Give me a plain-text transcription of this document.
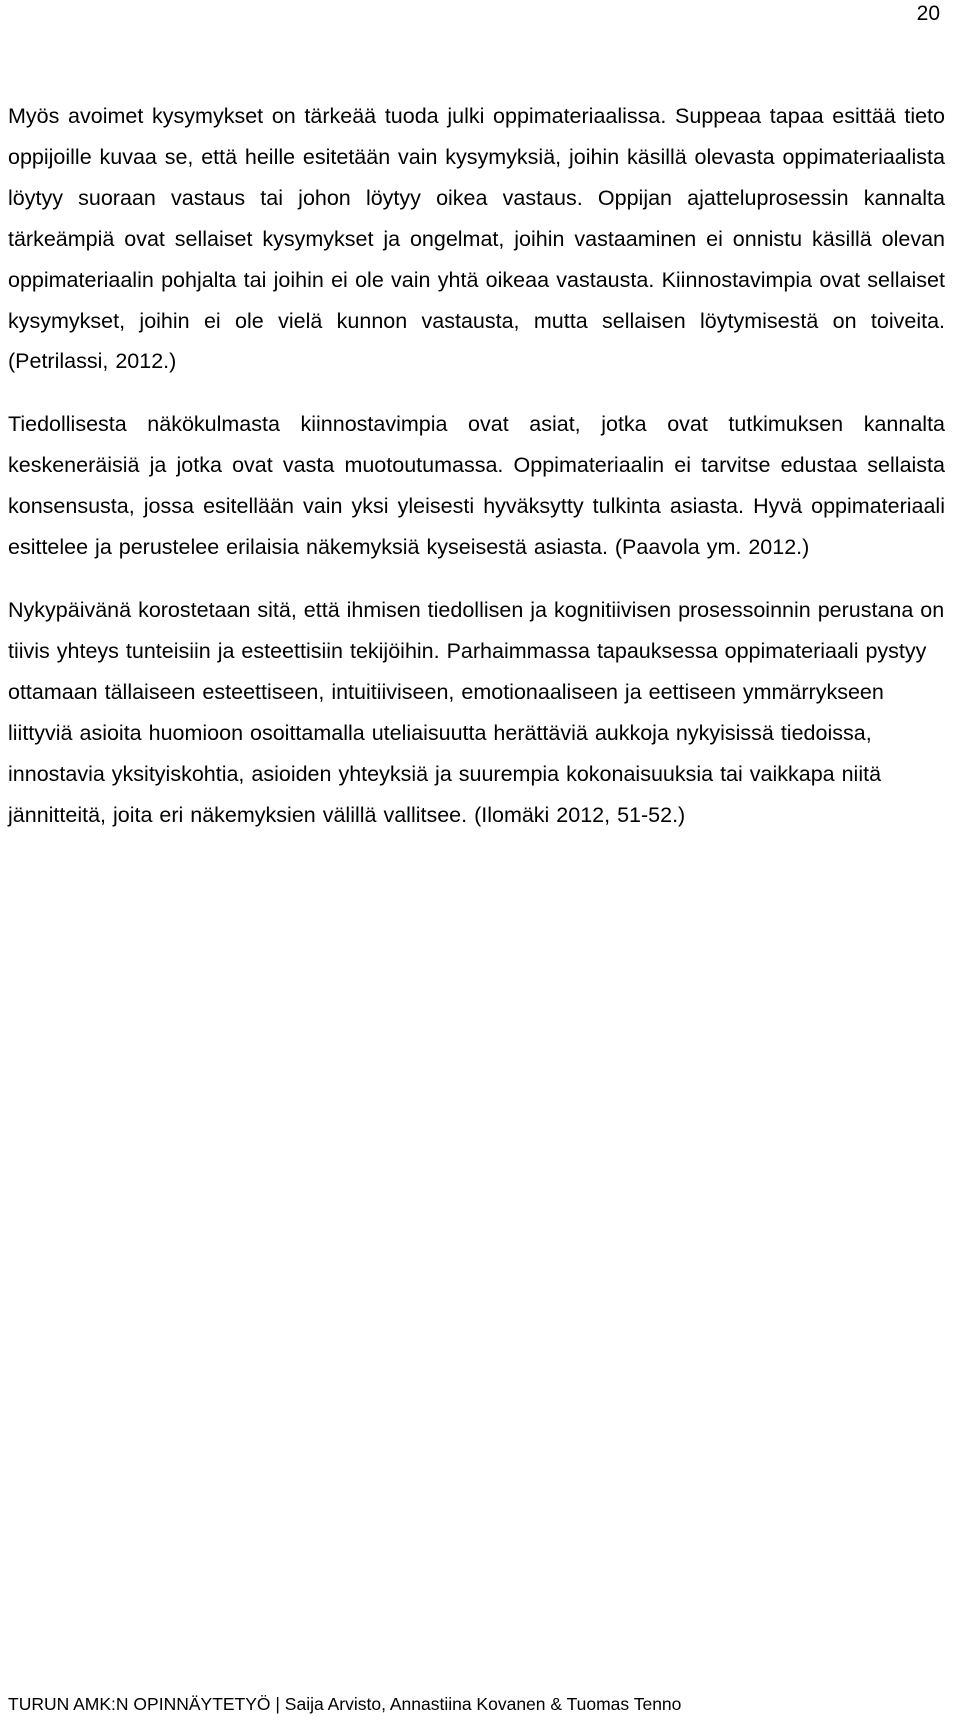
20

Myös avoimet kysymykset on tärkeää tuoda julki oppimateriaalissa. Suppeaa tapaa esittää tieto oppijoille kuvaa se, että heille esitetään vain kysymyksiä, joihin käsillä olevasta oppimateriaalista löytyy suoraan vastaus tai johon löytyy oikea vastaus. Oppijan ajatteluprosessin kannalta tärkeämpiä ovat sellaiset kysymykset ja ongelmat, joihin vastaaminen ei onnistu käsillä olevan oppimateriaalin pohjalta tai joihin ei ole vain yhtä oikeaa vastausta. Kiinnostavimpia ovat sellaiset kysymykset, joihin ei ole vielä kunnon vastausta, mutta sellaisen löytymisestä on toiveita. (Petrilassi, 2012.)

Tiedollisesta näkökulmasta kiinnostavimpia ovat asiat, jotka ovat tutkimuksen kannalta keskeneräisiä ja jotka ovat vasta muotoutumassa. Oppimateriaalin ei tarvitse edustaa sellaista konsensusta, jossa esitellään vain yksi yleisesti hyväksytty tulkinta asiasta. Hyvä oppimateriaali esittelee ja perustelee erilaisia näkemyksiä kyseisestä asiasta. (Paavola ym. 2012.)

Nykypäivänä korostetaan sitä, että ihmisen tiedollisen ja kognitiivisen prosessoinnin perustana on tiivis yhteys tunteisiin ja esteettisiin tekijöihin. Parhaimmassa tapauksessa oppimateriaali pystyy ottamaan tällaiseen esteettiseen, intuitiiviseen, emotionaaliseen ja eettiseen ymmärrykseen liittyviä asioita huomioon osoittamalla uteliaisuutta herättäviä aukkoja nykyisissä tiedoissa, innostavia yksityiskohtia, asioiden yhteyksiä ja suurempia kokonaisuuksia tai vaikkapa niitä jännitteitä, joita eri näkemyksien välillä vallitsee. (Ilomäki 2012, 51-52.)

TURUN AMK:N OPINNÄYTETYÖ | Saija Arvisto, Annastiina Kovanen & Tuomas Tenno
